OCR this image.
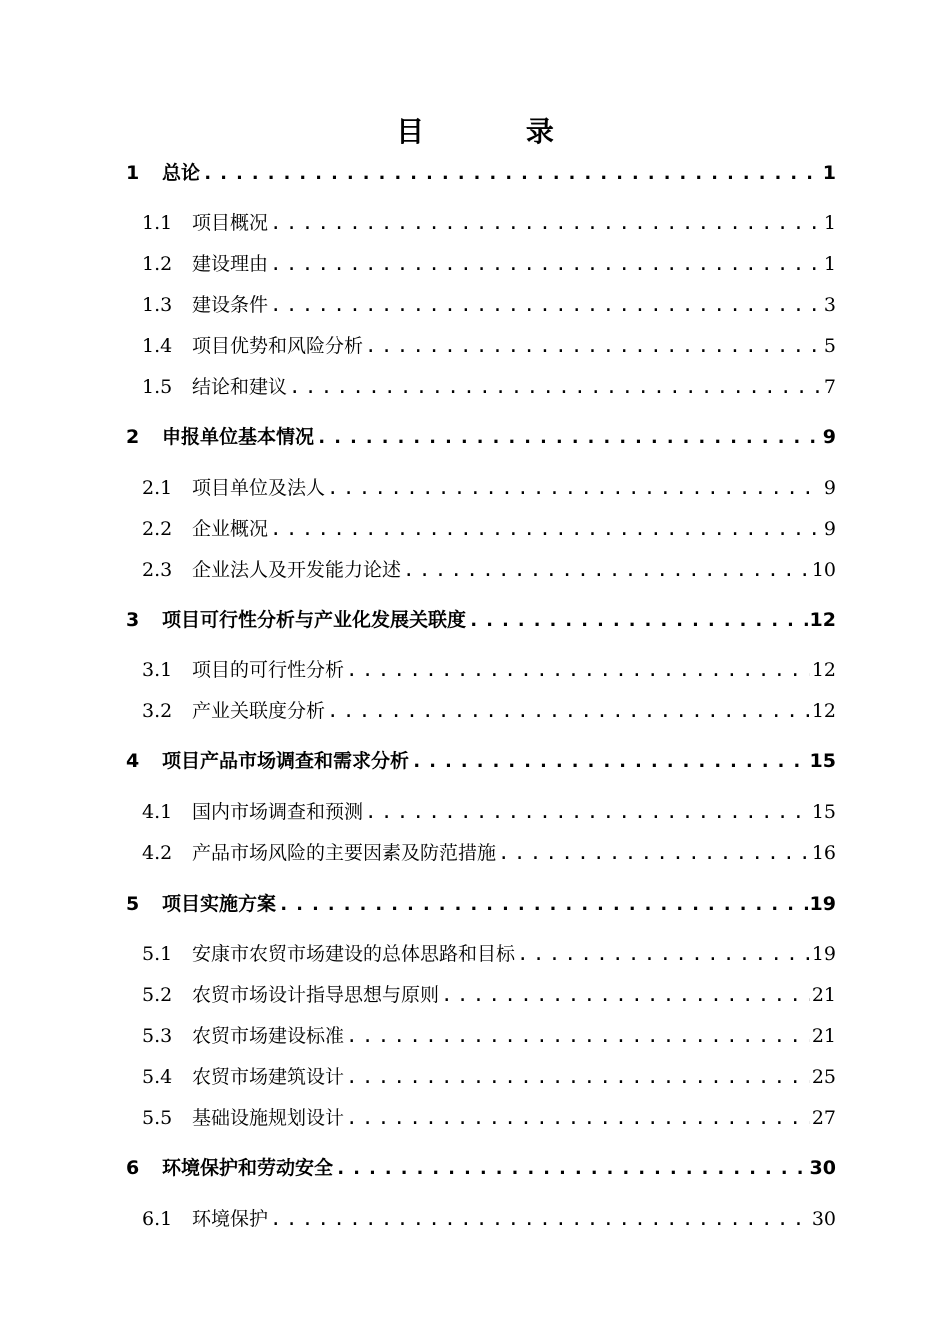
目 录
1	总论 .....	1
1.1	项目概况 .....	1
1.2	建设理由 .....	1
1.3	建设条件 .....	3
1.4	项目优势和风险分析 .....	5
1.5	结论和建议 .....	7
2	申报单位基本情况 .....	9
2.1	项目单位及法人 .....	9
2.2	企业概况 .....	9
2.3	企业法人及开发能力论述 .....	10
3	项目可行性分析与产业化发展关联度 .....	12
3.1	项目的可行性分析 .....	12
3.2	产业关联度分析 .....	12
4	项目产品市场调查和需求分析 .....	15
4.1	国内市场调查和预测 .....	15
4.2	产品市场风险的主要因素及防范措施 .....	16
5	项目实施方案 .....	19
5.1	安康市农贸市场建设的总体思路和目标 .....	19
5.2	农贸市场设计指导思想与原则 .....	21
5.3	农贸市场建设标准 .....	21
5.4	农贸市场建筑设计 .....	25
5.5	基础设施规划设计 .....	27
6	环境保护和劳动安全 .....	30
6.1	环境保护 .....	30
